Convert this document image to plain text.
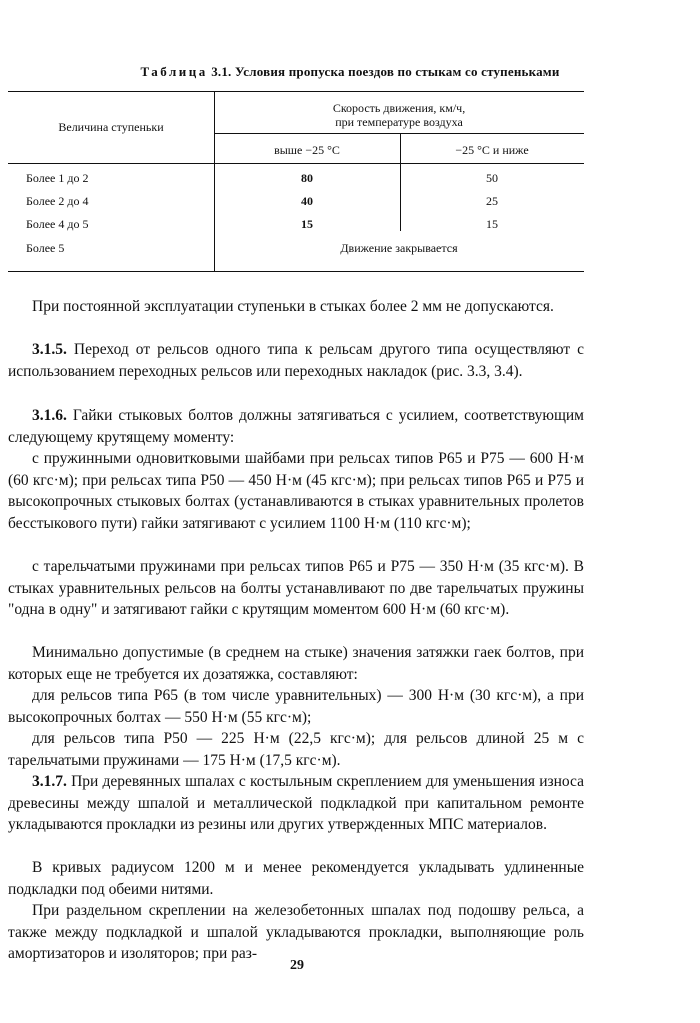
Таблица 3.1. Условия пропуска поездов по стыкам со ступеньками
Величина ступеньки
Скорость движения, км/ч,
при температуре воздуха
выше −25 °С	−25 °С и ниже
Более 1 до 2	80	50
Более 2 до 4	40	25
Более 4 до 5	15	15
Более 5	Движение закрывается
При постоянной эксплуатации ступеньки в стыках более 2 мм не допускаются.
3.1.5. Переход от рельсов одного типа к рельсам другого типа осуществляют с использованием переходных рельсов или переходных накладок (рис. 3.3, 3.4).
3.1.6. Гайки стыковых болтов должны затягиваться с усилием, соответствующим следующему крутящему моменту:
с пружинными одновитковыми шайбами при рельсах типов Р65 и Р75 — 600 Н·м (60 кгс·м); при рельсах типа Р50 — 450 Н·м (45 кгс·м); при рельсах типов Р65 и Р75 и высокопрочных стыковых болтах (устанавливаются в стыках уравнительных пролетов бесстыкового пути) гайки затягивают с усилием 1100 Н·м (110 кгс·м);
с тарельчатыми пружинами при рельсах типов Р65 и Р75 — 350 Н·м (35 кгс·м). В стыках уравнительных рельсов на болты устанавливают по две тарельчатых пружины "одна в одну" и затягивают гайки с крутящим моментом 600 Н·м (60 кгс·м).
Минимально допустимые (в среднем на стыке) значения затяжки гаек болтов, при которых еще не требуется их дозатяжка, составляют:
для рельсов типа Р65 (в том числе уравнительных) — 300 Н·м (30 кгс·м), а при высокопрочных болтах — 550 Н·м (55 кгс·м);
для рельсов типа Р50 — 225 Н·м (22,5 кгс·м); для рельсов длиной 25 м с тарельчатыми пружинами — 175 Н·м (17,5 кгс·м).
3.1.7. При деревянных шпалах с костыльным скреплением для уменьшения износа древесины между шпалой и металлической подкладкой при капитальном ремонте укладываются прокладки из резины или других утвержденных МПС материалов.
В кривых радиусом 1200 м и менее рекомендуется укладывать удлиненные подкладки под обеими нитями.
При раздельном скреплении на железобетонных шпалах под подошву рельса, а также между подкладкой и шпалой укладываются прокладки, выполняющие роль амортизаторов и изоляторов; при раз-
29
